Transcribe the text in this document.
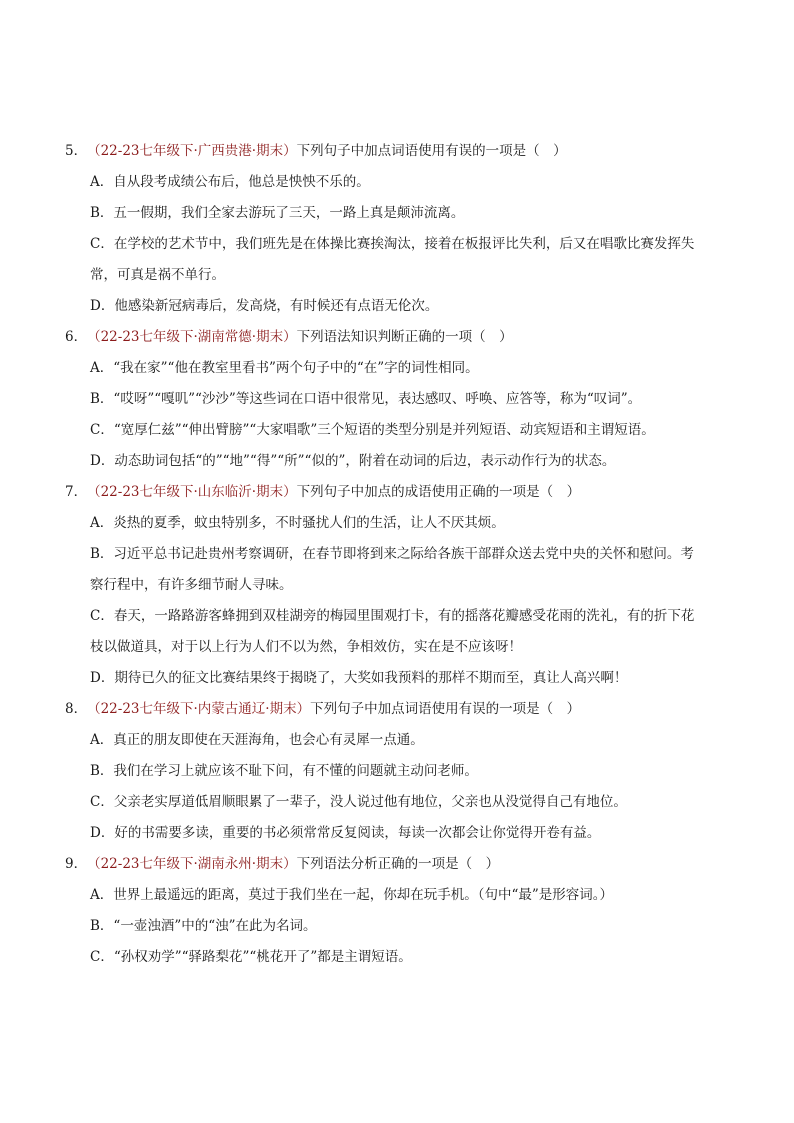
5．（22-23七年级下·广西贵港·期末）下列句子中加点词语使用有误的一项是（　）
A．自从段考成绩公布后，他总是怏怏不乐的。
B．五一假期，我们全家去游玩了三天，一路上真是颠沛流离。
C．在学校的艺术节中，我们班先是在体操比赛挨淘汰，接着在板报评比失利，后又在唱歌比赛发挥失
常，可真是祸不单行。
D．他感染新冠病毒后，发高烧，有时候还有点语无伦次。
6．（22-23七年级下·湖南常德·期末）下列语法知识判断正确的一项（　）
A．“我在家”“他在教室里看书”两个句子中的“在”字的词性相同。
B．“哎呀”“嘎叽”“沙沙”等这些词在口语中很常见，表达感叹、呼唤、应答等，称为“叹词”。
C．“宽厚仁兹”“伸出臂膀”“大家唱歌”三个短语的类型分别是并列短语、动宾短语和主谓短语。
D．动态助词包括“的”“地”“得”“所”“似的”，附着在动词的后边，表示动作行为的状态。
7．（22-23七年级下·山东临沂·期末）下列句子中加点的成语使用正确的一项是（　）
A．炎热的夏季，蚊虫特别多，不时骚扰人们的生活，让人不厌其烦。
B．习近平总书记赴贵州考察调研，在春节即将到来之际给各族干部群众送去党中央的关怀和慰问。考
察行程中，有许多细节耐人寻味。
C．春天，一路路游客蜂拥到双桂湖旁的梅园里围观打卡，有的摇落花瓣感受花雨的洗礼，有的折下花
枝以做道具，对于以上行为人们不以为然，争相效仿，实在是不应该呀！
D．期待已久的征文比赛结果终于揭晓了，大奖如我预料的那样不期而至，真让人高兴啊！
8．（22-23七年级下·内蒙古通辽·期末）下列句子中加点词语使用有误的一项是（　）
A．真正的朋友即使在天涯海角，也会心有灵犀一点通。
B．我们在学习上就应该不耻下问，有不懂的问题就主动问老师。
C．父亲老实厚道低眉顺眼累了一辈子，没人说过他有地位，父亲也从没觉得自己有地位。
D．好的书需要多读，重要的书必须常常反复阅读，每读一次都会让你觉得开卷有益。
9．（22-23七年级下·湖南永州·期末）下列语法分析正确的一项是（　）
A．世界上最遥远的距离，莫过于我们坐在一起，你却在玩手机。（句中“最”是形容词。）
B．“一壶浊酒”中的“浊”在此为名词。
C．“孙权劝学”“驿路梨花”“桃花开了”都是主谓短语。
